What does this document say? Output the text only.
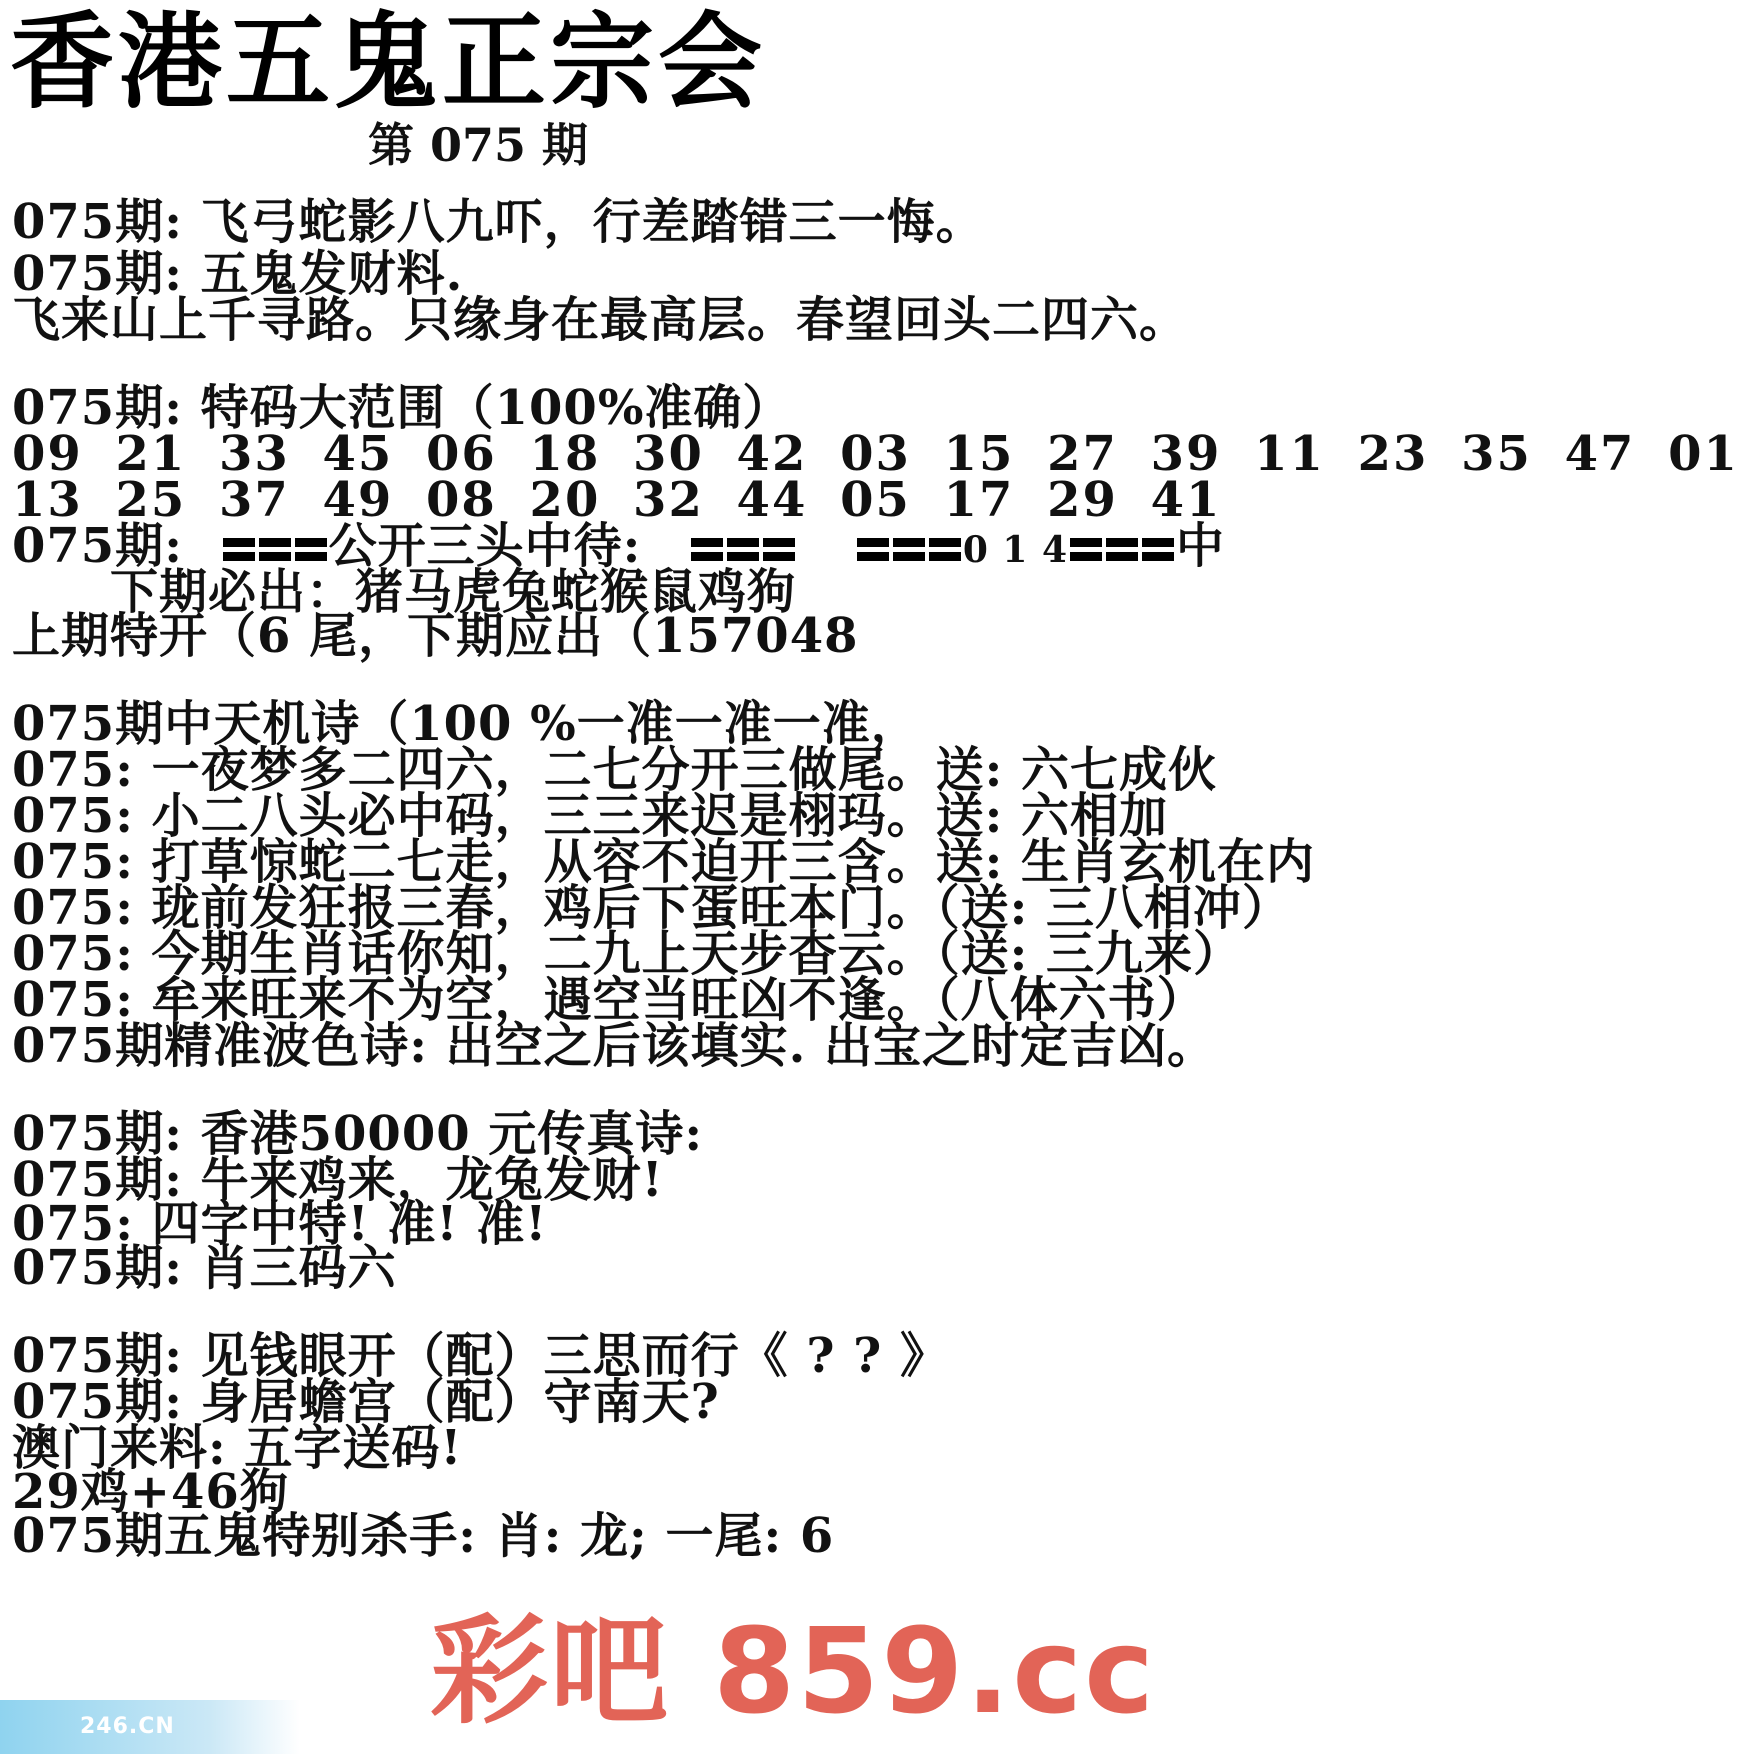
香港五鬼正宗会
第 075 期
075期: 飞弓蛇影八九吓，行差踏错三一悔。
075期: 五鬼发财料.
飞来山上千寻路。只缘身在最高层。春望回头二四六。
075期: 特码大范围（100%准确）
09 21 33 45 06 18 30 42 03 15 27 39 11 23 35 47 01
13 25 37 49 08 20 32 44 05 17 29 41
075期:	公开三头中待:	0 1 4 中
下期必出：猪马虎兔蛇猴鼠鸡狗
上期特开（6 尾，下期应出（157048
075期中天机诗（100 %一准一准一准，
075: 一夜梦多二四六，二七分开三做尾。送: 六七成伙
075: 小二八头必中码，三三来迟是栩玛。送: 六相加
075: 打草惊蛇二七走，从容不迫开三含。送: 生肖玄机在内
075: 珑前发狂报三春，鸡后下蛋旺本门。（送: 三八相冲）
075: 今期生肖话你知，二九上天步杳云。（送: 三九来）
075: 牟来旺来不为空，遇空当旺凶不逢。（八体六书）
075期精准波色诗: 出空之后该填实. 出宝之时定吉凶。
075期: 香港50000 元传真诗:
075期: 牛来鸡来，龙兔发财!
075: 四字中特! 准! 准!
075期: 肖三码六
075期: 见钱眼开（配）三思而行《 ? ? 》
075期: 身居蟾宫（配）守南天?
澳门来料: 五字送码!
29鸡+46狗
075期五鬼特别杀手: 肖: 龙; 一尾: 6
彩吧 859.cc
246.CN
